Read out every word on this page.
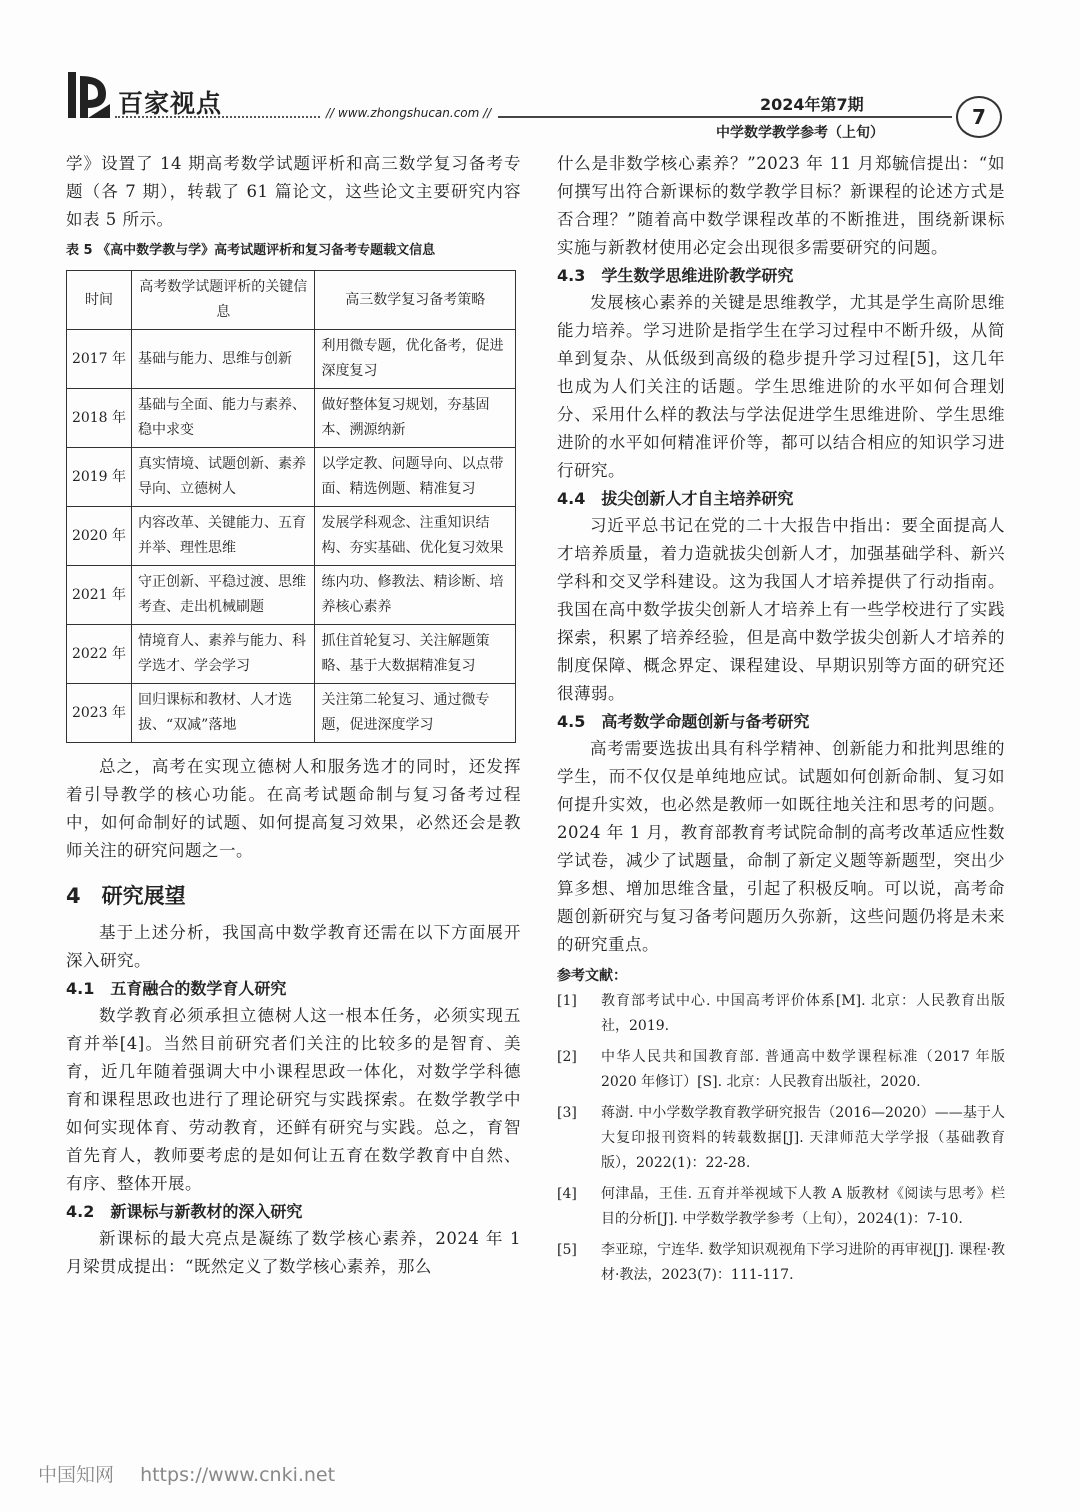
百家视点	// www.zhongshucan.com //	2024年第7期
中学数学教学参考（上旬）
7

学》设置了 14 期高考数学试题评析和高三数学复习备考专题（各 7 期），转载了 61 篇论文，这些论文主要研究内容如表 5 所示。

表 5 《高中数学教与学》高考试题评析和复习备考专题载文信息
时间	高考数学试题评析的关键信息	高三数学复习备考策略
2017 年	基础与能力、思维与创新	利用微专题，优化备考，促进深度复习
2018 年	基础与全面、能力与素养、稳中求变	做好整体复习规划，夯基固本、溯源纳新
2019 年	真实情境、试题创新、素养导向、立德树人	以学定教、问题导向、以点带面、精选例题、精准复习
2020 年	内容改革、关键能力、五育并举、理性思维	发展学科观念、注重知识结构、夯实基础、优化复习效果
2021 年	守正创新、平稳过渡、思维考查、走出机械刷题	练内功、修教法、精诊断、培养核心素养
2022 年	情境育人、素养与能力、科学选才、学会学习	抓住首轮复习、关注解题策略、基于大数据精准复习
2023 年	回归课标和教材、人才选拔、“双减”落地	关注第二轮复习、通过微专题，促进深度学习

总之，高考在实现立德树人和服务选才的同时，还发挥着引导教学的核心功能。在高考试题命制与复习备考过程中，如何命制好的试题、如何提高复习效果，必然还会是教师关注的研究问题之一。

4　研究展望

基于上述分析，我国高中数学教育还需在以下方面展开深入研究。

4.1　五育融合的数学育人研究

数学教育必须承担立德树人这一根本任务，必须实现五育并举[4]。当然目前研究者们关注的比较多的是智育、美育，近几年随着强调大中小课程思政一体化，对数学学科德育和课程思政也进行了理论研究与实践探索。在数学教学中如何实现体育、劳动教育，还鲜有研究与实践。总之，育智首先育人，教师要考虑的是如何让五育在数学教育中自然、有序、整体开展。

4.2　新课标与新教材的深入研究

新课标的最大亮点是凝练了数学核心素养，2024 年 1 月梁贯成提出：“既然定义了数学核心素养，那么

什么是非数学核心素养？”2023 年 11 月郑毓信提出：“如何撰写出符合新课标的数学教学目标？新课程的论述方式是否合理？”随着高中数学课程改革的不断推进，围绕新课标实施与新教材使用必定会出现很多需要研究的问题。

4.3　学生数学思维进阶教学研究

发展核心素养的关键是思维教学，尤其是学生高阶思维能力培养。学习进阶是指学生在学习过程中不断升级，从简单到复杂、从低级到高级的稳步提升学习过程[5]，这几年也成为人们关注的话题。学生思维进阶的水平如何合理划分、采用什么样的教法与学法促进学生思维进阶、学生思维进阶的水平如何精准评价等，都可以结合相应的知识学习进行研究。

4.4　拔尖创新人才自主培养研究

习近平总书记在党的二十大报告中指出：要全面提高人才培养质量，着力造就拔尖创新人才，加强基础学科、新兴学科和交叉学科建设。这为我国人才培养提供了行动指南。我国在高中数学拔尖创新人才培养上有一些学校进行了实践探索，积累了培养经验，但是高中数学拔尖创新人才培养的制度保障、概念界定、课程建设、早期识别等方面的研究还很薄弱。

4.5　高考数学命题创新与备考研究

高考需要选拔出具有科学精神、创新能力和批判思维的学生，而不仅仅是单纯地应试。试题如何创新命制、复习如何提升实效，也必然是教师一如既往地关注和思考的问题。2024 年 1 月，教育部教育考试院命制的高考改革适应性数学试卷，减少了试题量，命制了新定义题等新题型，突出少算多想、增加思维含量，引起了积极反响。可以说，高考命题创新研究与复习备考问题历久弥新，这些问题仍将是未来的研究重点。

参考文献：
[1]	教育部考试中心. 中国高考评价体系[M]. 北京：人民教育出版社，2019.
[2]	中华人民共和国教育部. 普通高中数学课程标准（2017 年版 2020 年修订）[S]. 北京：人民教育出版社，2020.
[3]	蒋澍. 中小学数学教育教学研究报告（2016—2020）——基于人大复印报刊资料的转载数据[J]. 天津师范大学学报（基础教育版），2022(1)：22-28.
[4]	何津晶，王佳. 五育并举视域下人教 A 版教材《阅读与思考》栏目的分析[J]. 中学数学教学参考（上旬），2024(1)：7-10.
[5]	李亚琼，宁连华. 数学知识观视角下学习进阶的再审视[J]. 课程·教材·教法，2023(7)：111-117.
中国知网 https://www.cnki.net
